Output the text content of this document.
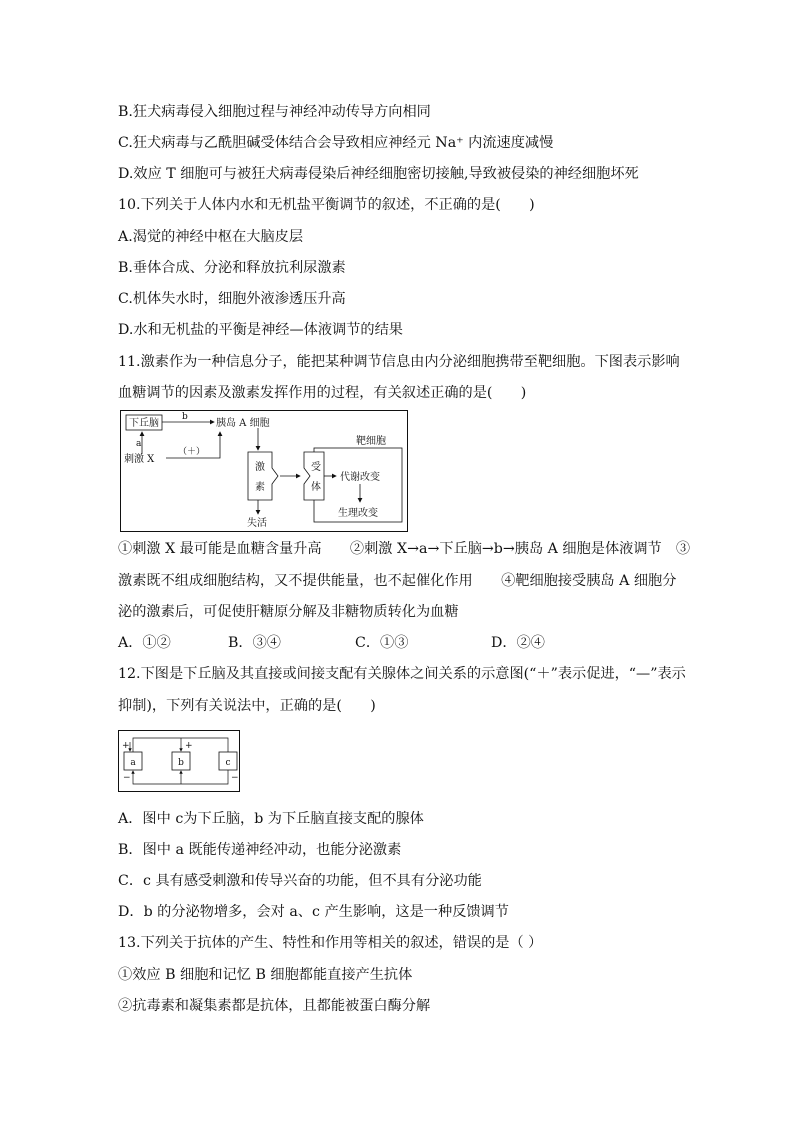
B.狂犬病毒侵入细胞过程与神经冲动传导方向相同
C.狂犬病毒与乙酰胆碱受体结合会导致相应神经元 Na⁺ 内流速度减慢
D.效应 T 细胞可与被狂犬病毒侵染后神经细胞密切接触,导致被侵染的神经细胞坏死
10.下列关于人体内水和无机盐平衡调节的叙述，不正确的是(　　)
A.渴觉的神经中枢在大脑皮层
B.垂体合成、分泌和释放抗利尿激素
C.机体失水时，细胞外液渗透压升高
D.水和无机盐的平衡是神经—体液调节的结果
11.激素作为一种信息分子，能把某种调节信息由内分泌细胞携带至靶细胞。下图表示影响
血糖调节的因素及激素发挥作用的过程，有关叙述正确的是(　　)
下丘脑
b
胰岛 A 细胞
a
刺激 X
（＋）
激
素
失活
靶细胞
受
体
代谢改变
生理改变
①刺激 X 最可能是血糖含量升高　　②刺激 X→a→下丘脑→b→胰岛 A 细胞是体液调节　③
激素既不组成细胞结构，又不提供能量，也不起催化作用　　④靶细胞接受胰岛 A 细胞分
泌的激素后，可促使肝糖原分解及非糖物质转化为血糖
A．①②	B．③④	C．①③	D．②④
12.下图是下丘脑及其直接或间接支配有关腺体之间关系的示意图(“＋”表示促进，“—”表示
抑制)，下列有关说法中，正确的是(　　)
a	b	c
+	+
−	−
A．图中 c为下丘脑，b 为下丘脑直接支配的腺体
B．图中 a 既能传递神经冲动，也能分泌激素
C．c 具有感受刺激和传导兴奋的功能，但不具有分泌功能
D．b 的分泌物增多，会对 a、c 产生影响，这是一种反馈调节
13.下列关于抗体的产生、特性和作用等相关的叙述，错误的是（ ）
①效应 B 细胞和记忆 B 细胞都能直接产生抗体
②抗毒素和凝集素都是抗体，且都能被蛋白酶分解
